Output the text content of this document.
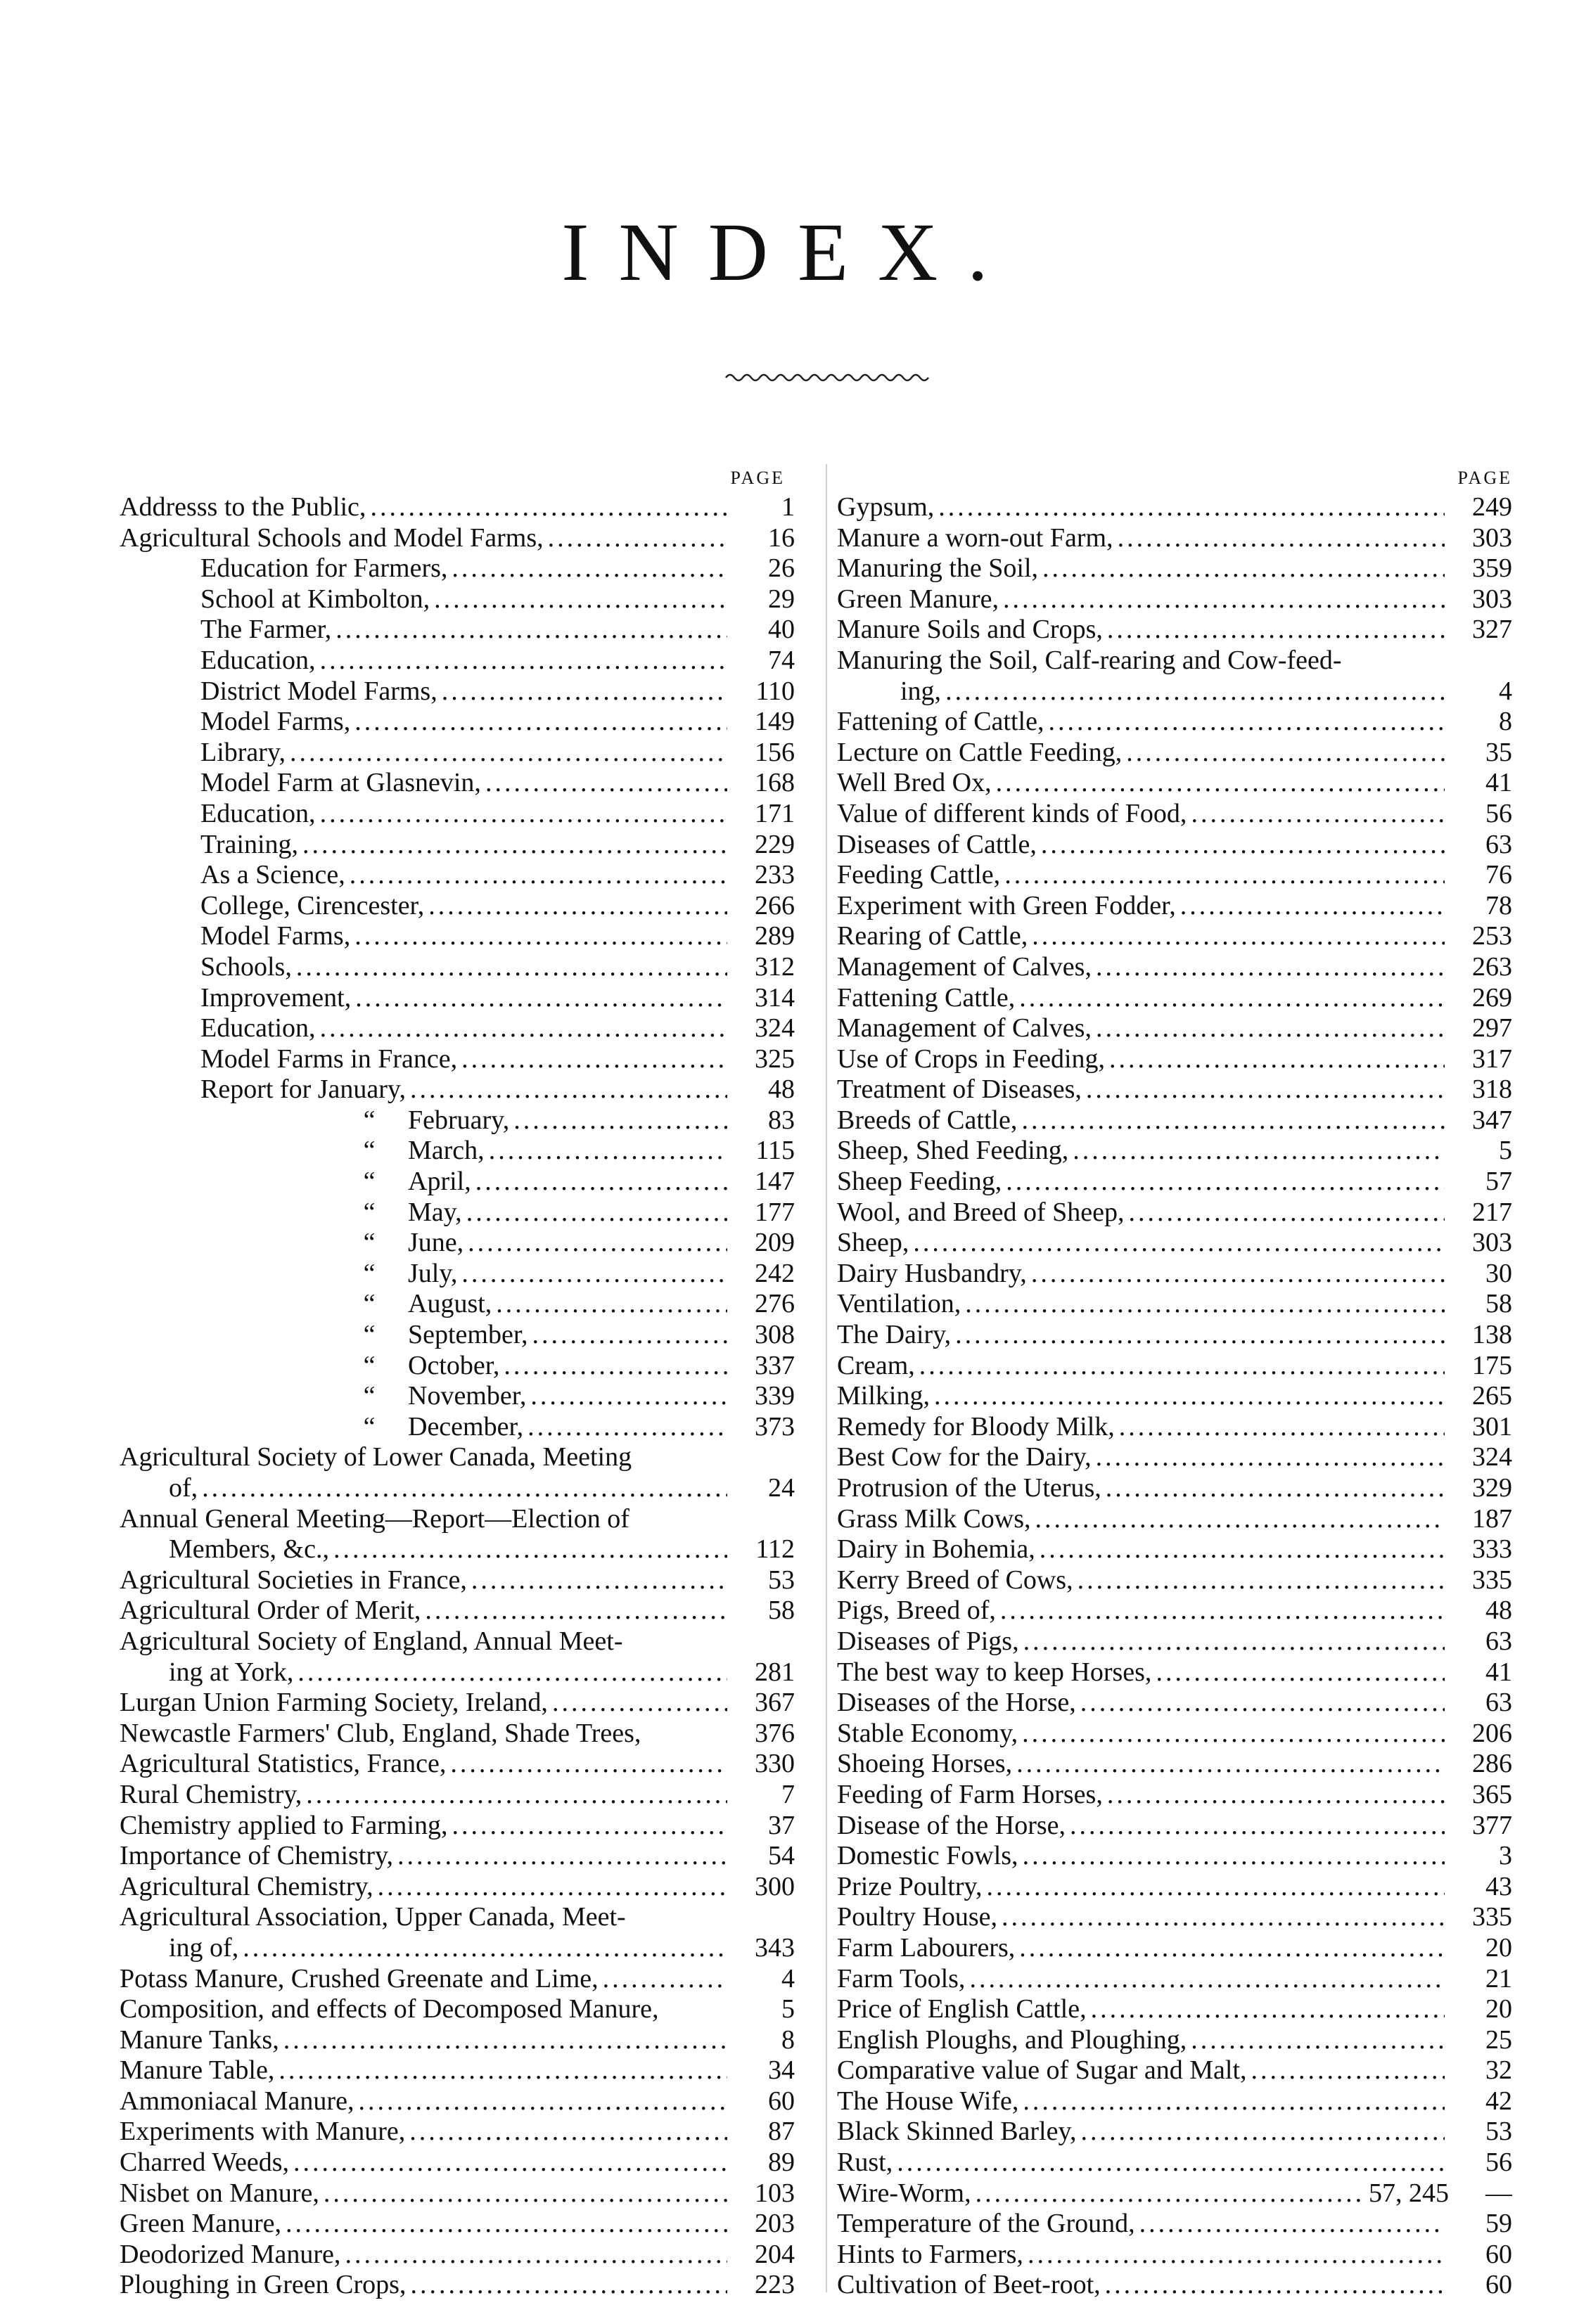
INDEX.
PAGE
Addresss to the Public, .....	1
Agricultural Schools and Model Farms, .....	16
Education for Farmers, .....	26
School at Kimbolton, .....	29
The Farmer, .....	40
Education, .....	74
District Model Farms, .....	110
Model Farms, .....	149
Library, .....	156
Model Farm at Glasnevin, .....	168
Education, .....	171
Training, .....	229
As a Science, .....	233
College, Cirencester, .....	266
Model Farms, .....	289
Schools, .....	312
Improvement, .....	314
Education, .....	324
Model Farms in France, .....	325
Report for January, .....	48
“	February, .....	83
“	March, .....	115
“	April, .....	147
“	May, .....	177
“	June, .....	209
“	July, .....	242
“	August, .....	276
“	September, .....	308
“	October, .....	337
“	November, .....	339
“	December, .....	373
Agricultural Society of Lower Canada, Meeting
of, .....	24
Annual General Meeting—Report—Election of
Members, &c., .....	112
Agricultural Societies in France, .....	53
Agricultural Order of Merit, .....	58
Agricultural Society of England, Annual Meet-
ing at York, .....	281
Lurgan Union Farming Society, Ireland, .....	367
Newcastle Farmers' Club, England, Shade Trees,	376
Agricultural Statistics, France, .....	330
Rural Chemistry, .....	7
Chemistry applied to Farming, .....	37
Importance of Chemistry, .....	54
Agricultural Chemistry, .....	300
Agricultural Association, Upper Canada, Meet-
ing of, .....	343
Potass Manure, Crushed Greenate and Lime, .....	4
Composition, and effects of Decomposed Manure,	5
Manure Tanks, .....	8
Manure Table, .....	34
Ammoniacal Manure, .....	60
Experiments with Manure, .....	87
Charred Weeds, .....	89
Nisbet on Manure, .....	103
Green Manure, .....	203
Deodorized Manure, .....	204
Ploughing in Green Crops, .....	223
PAGE
Gypsum, .....	249
Manure a worn-out Farm, .....	303
Manuring the Soil, .....	359
Green Manure, .....	303
Manure Soils and Crops, .....	327
Manuring the Soil, Calf-rearing and Cow-feed-
ing, .....	4
Fattening of Cattle, .....	8
Lecture on Cattle Feeding, .....	35
Well Bred Ox, .....	41
Value of different kinds of Food, .....	56
Diseases of Cattle, .....	63
Feeding Cattle, .....	76
Experiment with Green Fodder, .....	78
Rearing of Cattle, .....	253
Management of Calves, .....	263
Fattening Cattle, .....	269
Management of Calves, .....	297
Use of Crops in Feeding, .....	317
Treatment of Diseases, .....	318
Breeds of Cattle, .....	347
Sheep, Shed Feeding, .....	5
Sheep Feeding, .....	57
Wool, and Breed of Sheep, .....	217
Sheep, .....	303
Dairy Husbandry, .....	30
Ventilation, .....	58
The Dairy, .....	138
Cream, .....	175
Milking, .....	265
Remedy for Bloody Milk, .....	301
Best Cow for the Dairy, .....	324
Protrusion of the Uterus, .....	329
Grass Milk Cows, .....	187
Dairy in Bohemia, .....	333
Kerry Breed of Cows, .....	335
Pigs, Breed of, .....	48
Diseases of Pigs, .....	63
The best way to keep Horses, .....	41
Diseases of the Horse, .....	63
Stable Economy, .....	206
Shoeing Horses, .....	286
Feeding of Farm Horses, .....	365
Disease of the Horse, .....	377
Domestic Fowls, .....	3
Prize Poultry, .....	43
Poultry House, .....	335
Farm Labourers, .....	20
Farm Tools, .....	21
Price of English Cattle, .....	20
English Ploughs, and Ploughing, .....	25
Comparative value of Sugar and Malt, .....	32
The House Wife, .....	42
Black Skinned Barley, .....	53
Rust, .....	56
Wire-Worm, .....	57, 245	—
Temperature of the Ground, .....	59
Hints to Farmers, .....	60
Cultivation of Beet-root, .....	60
